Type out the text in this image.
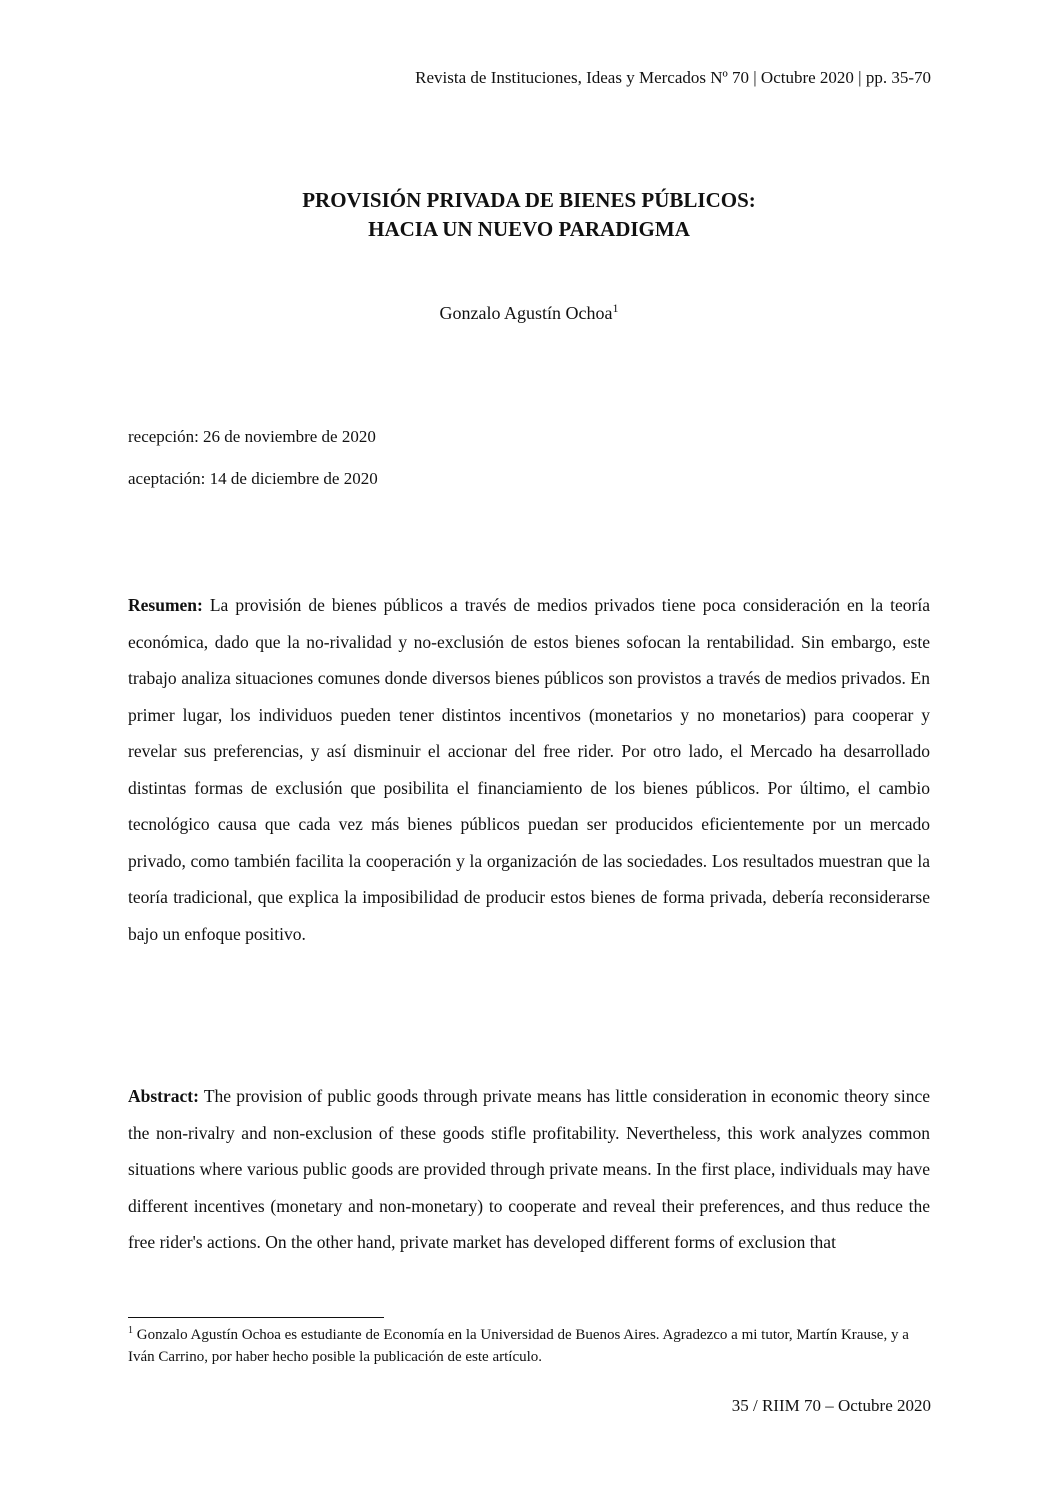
Revista de Instituciones, Ideas y Mercados Nº 70 | Octubre 2020 | pp. 35-70
PROVISIÓN PRIVADA DE BIENES PÚBLICOS:
HACIA UN NUEVO PARADIGMA
Gonzalo Agustín Ochoa$^1$
recepción: 26 de noviembre de 2020
aceptación: 14 de diciembre de 2020
Resumen: La provisión de bienes públicos a través de medios privados tiene poca consideración en la teoría económica, dado que la no-rivalidad y no-exclusión de estos bienes sofocan la rentabilidad. Sin embargo, este trabajo analiza situaciones comunes donde diversos bienes públicos son provistos a través de medios privados. En primer lugar, los individuos pueden tener distintos incentivos (monetarios y no monetarios) para cooperar y revelar sus preferencias, y así disminuir el accionar del free rider. Por otro lado, el Mercado ha desarrollado distintas formas de exclusión que posibilita el financiamiento de los bienes públicos. Por último, el cambio tecnológico causa que cada vez más bienes públicos puedan ser producidos eficientemente por un mercado privado, como también facilita la cooperación y la organización de las sociedades. Los resultados muestran que la teoría tradicional, que explica la imposibilidad de producir estos bienes de forma privada, debería reconsiderarse bajo un enfoque positivo.
Abstract: The provision of public goods through private means has little consideration in economic theory since the non-rivalry and non-exclusion of these goods stifle profitability. Nevertheless, this work analyzes common situations where various public goods are provided through private means. In the first place, individuals may have different incentives (monetary and non-monetary) to cooperate and reveal their preferences, and thus reduce the free rider's actions. On the other hand, private market has developed different forms of exclusion that
$^1$ Gonzalo Agustín Ochoa es estudiante de Economía en la Universidad de Buenos Aires. Agradezco a mi tutor, Martín Krause, y a Iván Carrino, por haber hecho posible la publicación de este artículo.
35 / RIIM 70 – Octubre 2020
